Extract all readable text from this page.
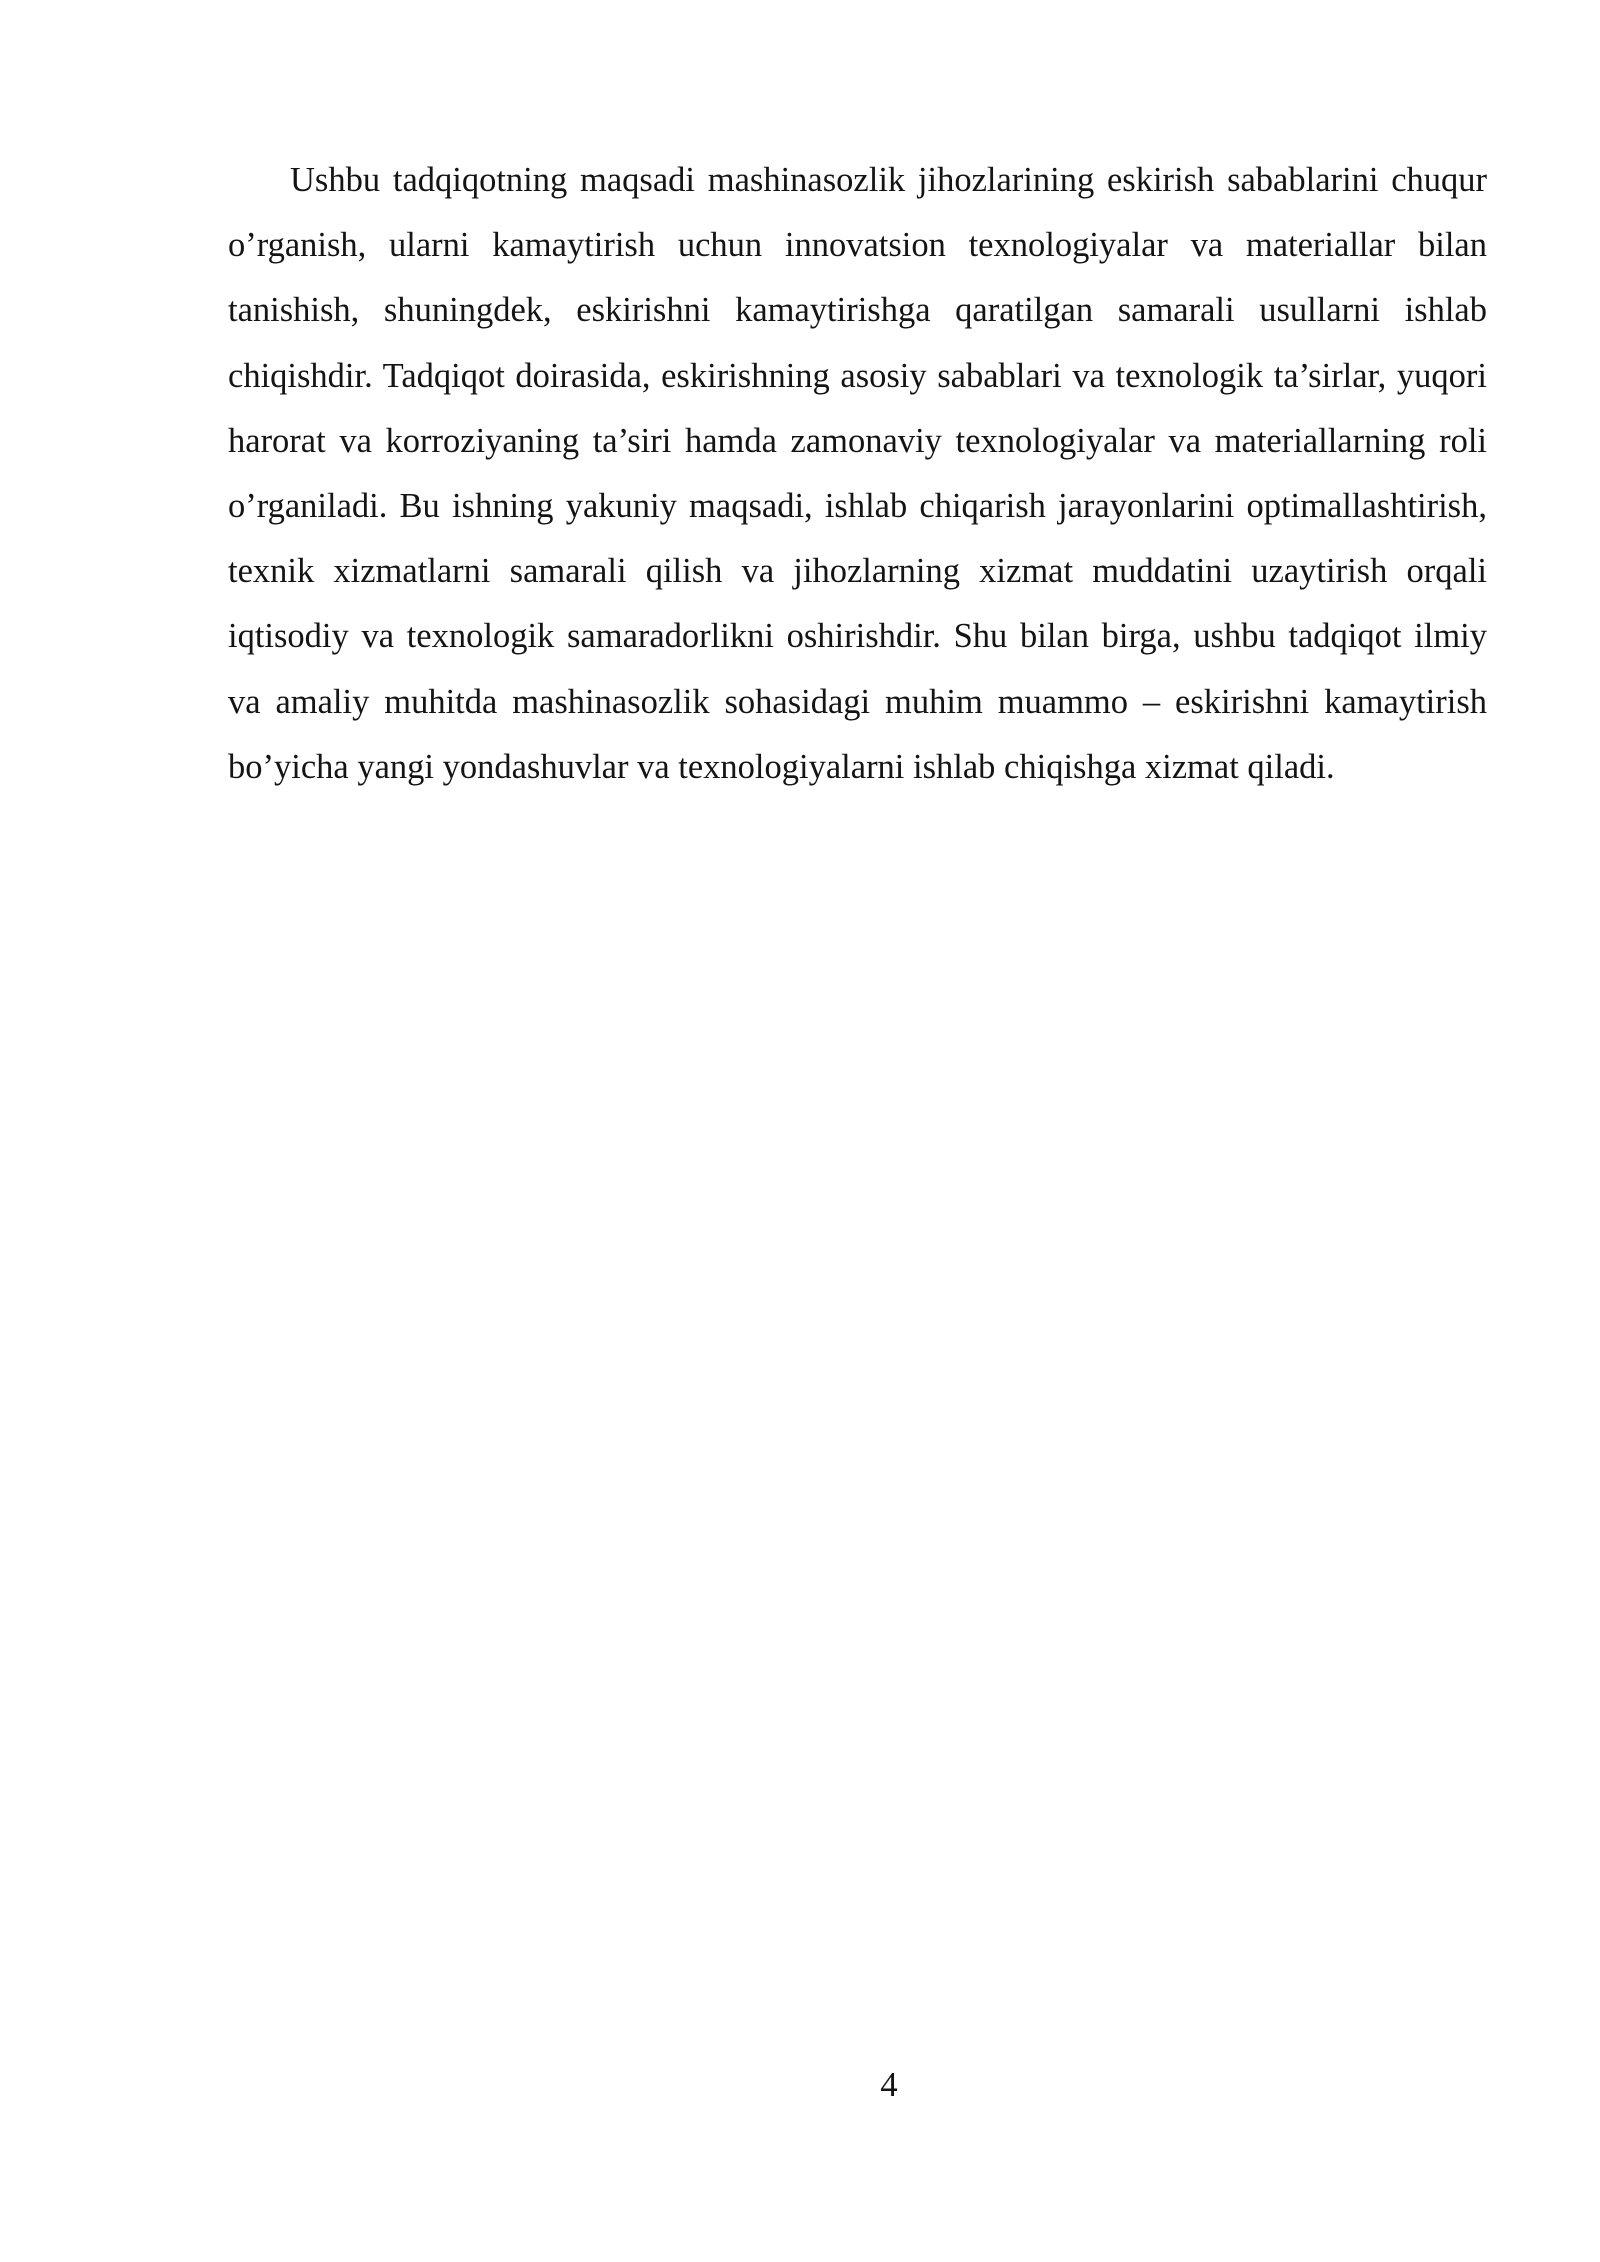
Ushbu tadqiqotning maqsadi mashinasozlik jihozlarining eskirish sabablarini chuqur o’rganish, ularni kamaytirish uchun innovatsion texnologiyalar va materiallar bilan tanishish, shuningdek, eskirishni kamaytirishga qaratilgan samarali usullarni ishlab chiqishdir. Tadqiqot doirasida, eskirishning asosiy sabablari va texnologik ta’sirlar, yuqori harorat va korroziyaning ta’siri hamda zamonaviy texnologiyalar va materiallarning roli o’rganiladi. Bu ishning yakuniy maqsadi, ishlab chiqarish jarayonlarini optimallashtirish, texnik xizmatlarni samarali qilish va jihozlarning xizmat muddatini uzaytirish orqali iqtisodiy va texnologik samaradorlikni oshirishdir. Shu bilan birga, ushbu tadqiqot ilmiy va amaliy muhitda mashinasozlik sohasidagi muhim muammo – eskirishni kamaytirish bo’yicha yangi yondashuvlar va texnologiyalarni ishlab chiqishga xizmat qiladi.

4
